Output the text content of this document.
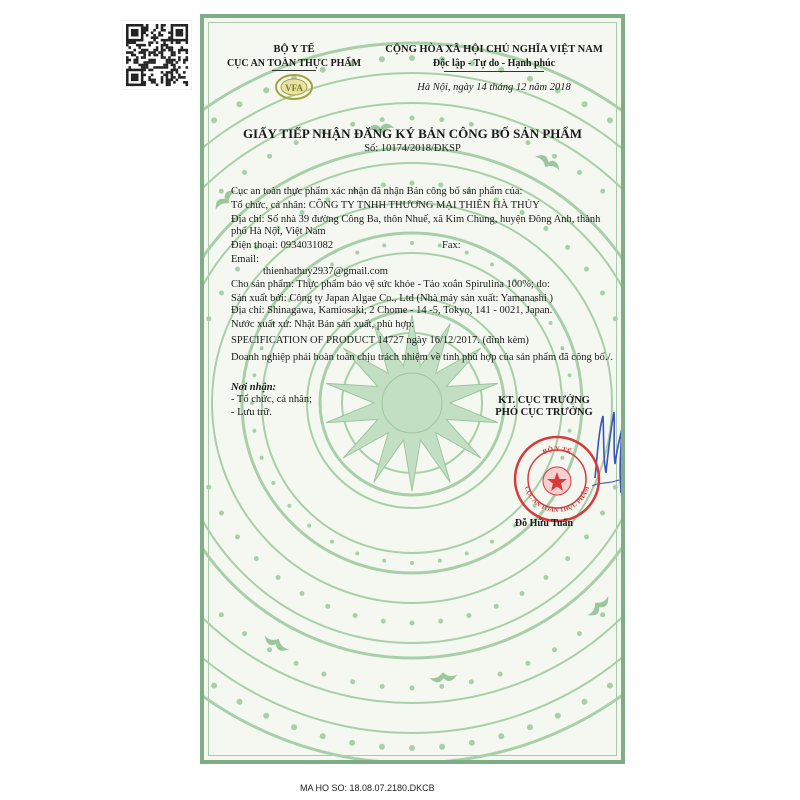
BỘ Y TẾ
CỤC AN TOÀN THỰC PHẨM
VFA
CỘNG HÒA XÃ HỘI CHỦ NGHĨA VIỆT NAM
Độc lập - Tự do - Hạnh phúc
Hà Nội, ngày 14 tháng 12 năm 2018
GIẤY TIẾP NHẬN ĐĂNG KÝ BẢN CÔNG BỐ SẢN PHẨM
Số: 10174/2018/ĐKSP
Cục an toàn thực phẩm xác nhận đã nhận Bản công bố sản phẩm của:
Tổ chức, cá nhân: CÔNG TY TNHH THƯƠNG MẠI THIÊN HÀ THỦY
Địa chỉ: Số nhà 39 đường Công Ba, thôn Nhuế, xã Kim Chung, huyện Đông Anh, thành
phố Hà Nội, Việt Nam
Điện thoại: 0934031082	Fax:
Email:
thienhathuy2937@gmail.com
Cho sản phẩm: Thực phẩm bảo vệ sức khỏe - Tảo xoắn Spirulina 100%; do:
Sản xuất bởi: Công ty Japan Algae Co., Ltd (Nhà máy sản xuất: Yamanashi )
Địa chỉ: Shinagawa, Kamiosaki, 2 Chome - 14 -5, Tokyo, 141 - 0021, Japan.
Nước xuất xứ: Nhật Bản sản xuất, phù hợp:
SPECIFICATION OF PRODUCT 14727 ngày 16/12/2017. (đính kèm)
Doanh nghiệp phải hoàn toàn chịu trách nhiệm về tính phù hợp của sản phẩm đã công bố./.
Nơi nhận:
- Tổ chức, cá nhân;
- Lưu trữ.
KT. CỤC TRƯỞNG
PHÓ CỤC TRƯỞNG
BỘ Y TẾ
CỤC AN TOÀN THỰC PHẨM
Đỗ Hữu Tuấn
MA HO SO: 18.08.07.2180.DKCB
